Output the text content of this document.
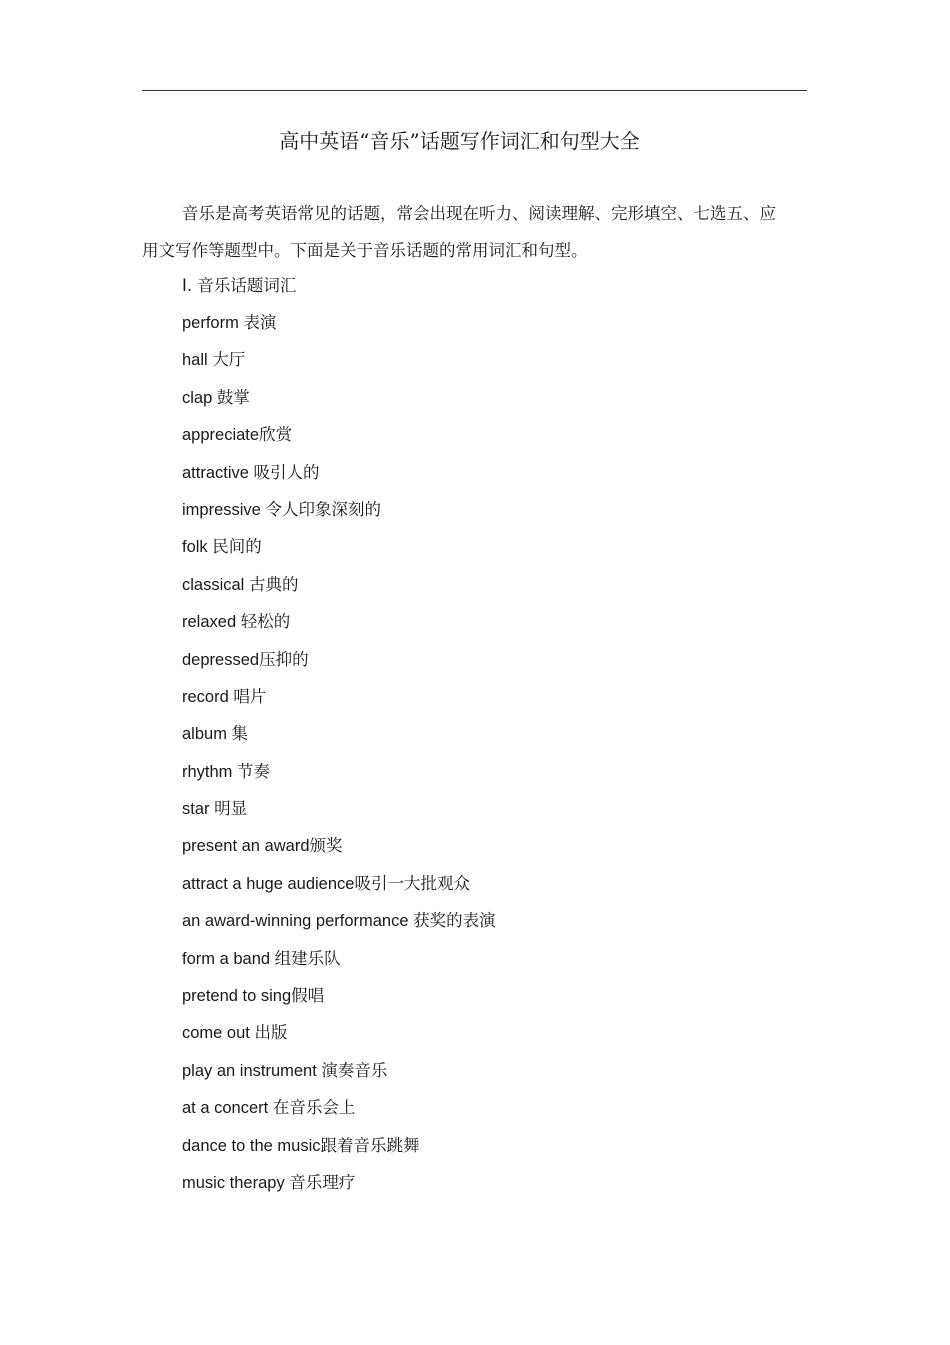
高中英语“音乐”话题写作词汇和句型大全

音乐是高考英语常见的话题，常会出现在听力、阅读理解、完形填空、七选五、应用文写作等题型中。下面是关于音乐话题的常用词汇和句型。

I. 音乐话题词汇
perform 表演
hall 大厅
clap 鼓掌
appreciate欣赏
attractive 吸引人的
impressive 令人印象深刻的
folk 民间的
classical 古典的
relaxed 轻松的
depressed压抑的
record 唱片
album 集
rhythm 节奏
star 明显
present an award颁奖
attract a huge audience吸引一大批观众
an award-winning performance 获奖的表演
form a band 组建乐队
pretend to sing假唱
come out 出版
play an instrument 演奏音乐
at a concert 在音乐会上
dance to the music跟着音乐跳舞
music therapy 音乐理疗
